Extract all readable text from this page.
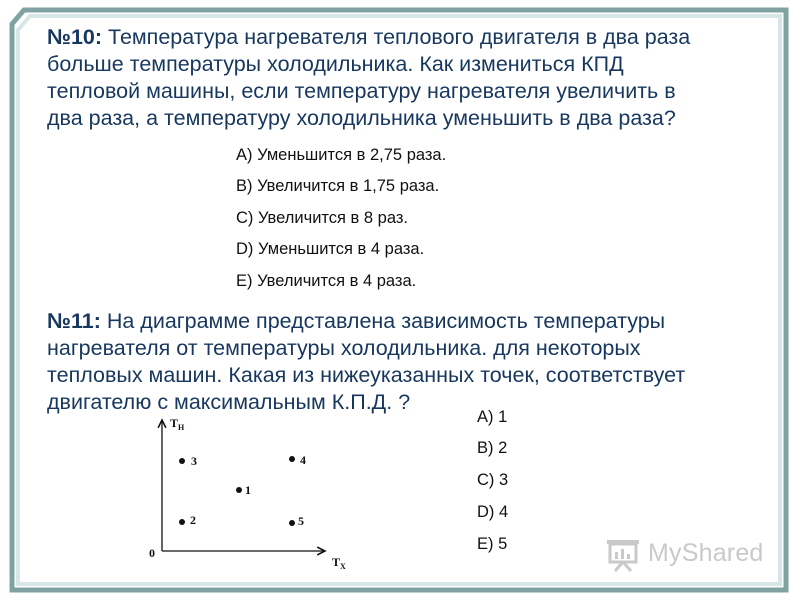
№10: Температура нагревателя теплового двигателя в два раза
больше температуры холодильника. Как измениться КПД
тепловой машины, если температуру нагревателя увеличить в
два раза, а температуру холодильника уменьшить в два раза?
A) Уменьшится в 2,75 раза.
B) Увеличится в 1,75 раза.
C) Увеличится в 8 раз.
D) Уменьшится в 4 раза.
E) Увеличится в 4 раза.
№11: На диаграмме представлена зависимость температуры
нагревателя от температуры холодильника. для некоторых
тепловых машин. Какая из нижеуказанных точек, соответствует
двигателю с максимальным К.П.Д. ?
A) 1
B) 2
C) 3
D) 4
E) 5
$T_Н$
$T_X$
0
3	4
1
2	5
MyShared
